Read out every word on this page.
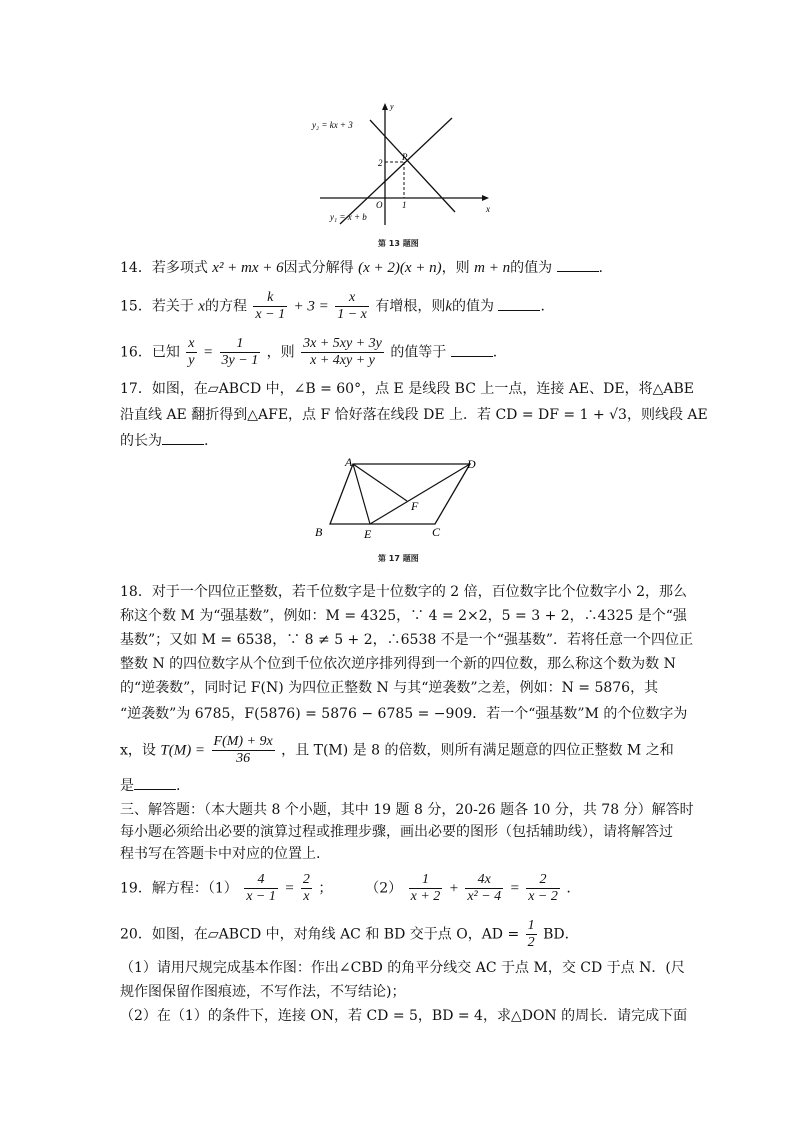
y₂ = kx + 3
y₁ = x + b
y
x
2
1
O
P
第 13 题图
14．若多项式 x² + mx + 6因式分解得 (x + 2)(x + n)，则 m + n的值为	.
15．若关于 x的方程 $\frac{k}{x - 1} + 3 = \frac{x}{1 - x}$ 有增根，则k的值为	.
16．已知 $\frac{x}{y} = \frac{1}{3y - 1}$ ，则 $\frac{3x + 5xy + 3y}{x + 4xy + y}$ 的值等于	.
17．如图，在▱ABCD 中，∠B = 60°，点 E 是线段 BC 上一点，连接 AE、DE，将△ABE
沿直线 AE 翻折得到△AFE，点 F 恰好落在线段 DE 上．若 CD = DF = 1 + √3，则线段 AE
的长为	.
A	D
B	E	C
F
第 17 题图
18．对于一个四位正整数，若千位数字是十位数字的 2 倍，百位数字比个位数字小 2，那么
称这个数 M 为“强基数”，例如：M = 4325，∵ 4 = 2×2，5 = 3 + 2，∴4325 是个“强
基数”；又如 M = 6538，∵ 8 ≠ 5 + 2，∴6538 不是一个“强基数”．若将任意一个四位正
整数 N 的四位数字从个位到千位依次逆序排列得到一个新的四位数，那么称这个数为数 N
的“逆袭数”，同时记 F(N) 为四位正整数 N 与其“逆袭数”之差，例如：N = 5876，其
“逆袭数”为 6785，F(5876) = 5876 − 6785 = −909．若一个“强基数”M 的个位数字为
x，设 $T(M) = \frac{F(M) + 9x}{36}$ ，且 T(M) 是 8 的倍数，则所有满足题意的四位正整数 M 之和
是	.
三、解答题：（本大题共 8 个小题，其中 19 题 8 分，20-26 题各 10 分，共 78 分）解答时
每小题必须给出必要的演算过程或推理步骤，画出必要的图形（包括辅助线），请将解答过
程书写在答题卡中对应的位置上.
19．解方程：$(1) \frac{4}{x - 1} = \frac{2}{x}$ ； $(2) \frac{1}{x + 2} + \frac{4x}{\text{x² − 4}} = \frac{2}{x - 2}$ .
20．如图，在▱ABCD 中，对角线 AC 和 BD 交于点 O，AD = $\frac{1}{2}$ BD．
（1）请用尺规完成基本作图：作出∠CBD 的角平分线交 AC 于点 M，交 CD 于点 N．(尺
规作图保留作图痕迹，不写作法，不写结论)；
（2）在（1）的条件下，连接 ON，若 CD = 5，BD = 4，求△DON 的周长．请完成下面
